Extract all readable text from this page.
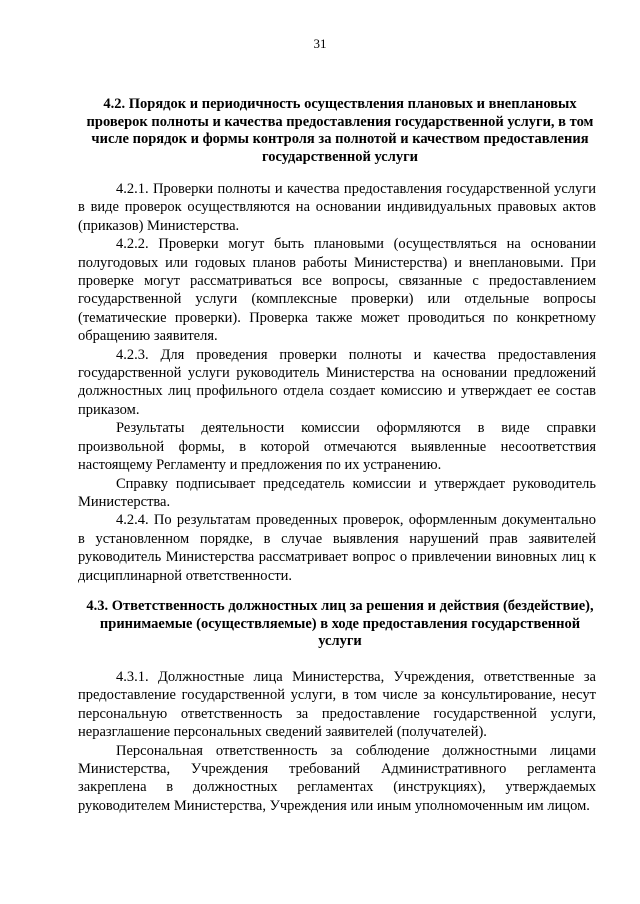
31
4.2. Порядок и периодичность осуществления плановых и внеплановых проверок полноты и качества предоставления государственной услуги, в том числе порядок и формы контроля за полнотой и качеством предоставления государственной услуги

4.2.1. Проверки полноты и качества предоставления государственной услуги в виде проверок осуществляются на основании индивидуальных правовых актов (приказов) Министерства.

4.2.2. Проверки могут быть плановыми (осуществляться на основании полугодовых или годовых планов работы Министерства) и внеплановыми. При проверке могут рассматриваться все вопросы, связанные с предоставлением государственной услуги (комплексные проверки) или отдельные вопросы (тематические проверки). Проверка также может проводиться по конкретному обращению заявителя.

4.2.3. Для проведения проверки полноты и качества предоставления государственной услуги руководитель Министерства на основании предложений должностных лиц профильного отдела создает комиссию и утверждает ее состав приказом.

Результаты деятельности комиссии оформляются в виде справки произвольной формы, в которой отмечаются выявленные несоответствия настоящему Регламенту и предложения по их устранению.

Справку подписывает председатель комиссии и утверждает руководитель Министерства.

4.2.4. По результатам проведенных проверок, оформленным документально в установленном порядке, в случае выявления нарушений прав заявителей руководитель Министерства рассматривает вопрос о привлечении виновных лиц к дисциплинарной ответственности.

4.3. Ответственность должностных лиц за решения и действия (бездействие), принимаемые (осуществляемые) в ходе предоставления государственной услуги

4.3.1. Должностные лица Министерства, Учреждения, ответственные за предоставление государственной услуги, в том числе за консультирование, несут персональную ответственность за предоставление государственной услуги, неразглашение персональных сведений заявителей (получателей).

Персональная ответственность за соблюдение должностными лицами Министерства, Учреждения требований Административного регламента закреплена в должностных регламентах (инструкциях), утверждаемых руководителем Министерства, Учреждения или иным уполномоченным им лицом.
